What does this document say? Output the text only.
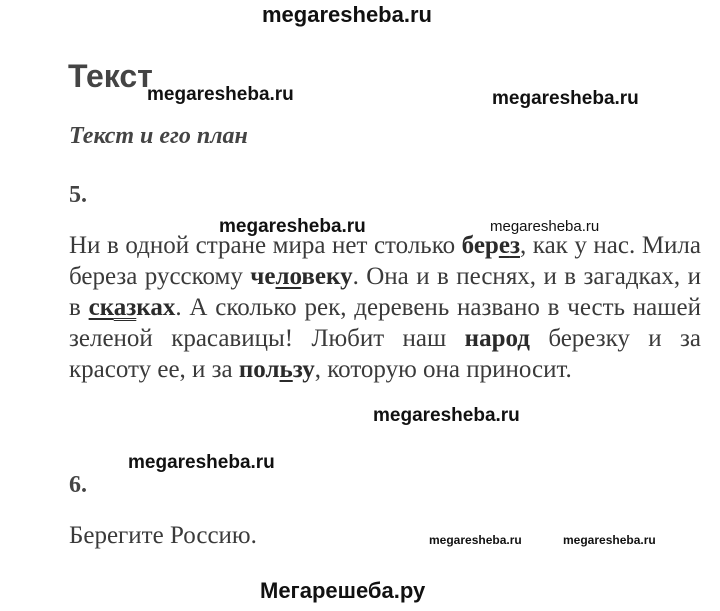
megaresheba.ru
Текст
megaresheba.ru	megaresheba.ru
Текст и его план
5.
megaresheba.ru	megaresheba.ru
Ни в одной стране мира нет столько берез, как у нас. Мила береза русскому человеку. Она и в песнях, и в загадках, и в сказках. А сколько рек, деревень названо в честь нашей зеленой красавицы! Любит наш народ березку и за красоту ее, и за пользу, которую она приносит.
megaresheba.ru
megaresheba.ru
6.
Берегите Россию.	megaresheba.ru	megaresheba.ru
Мегарешеба.ру
